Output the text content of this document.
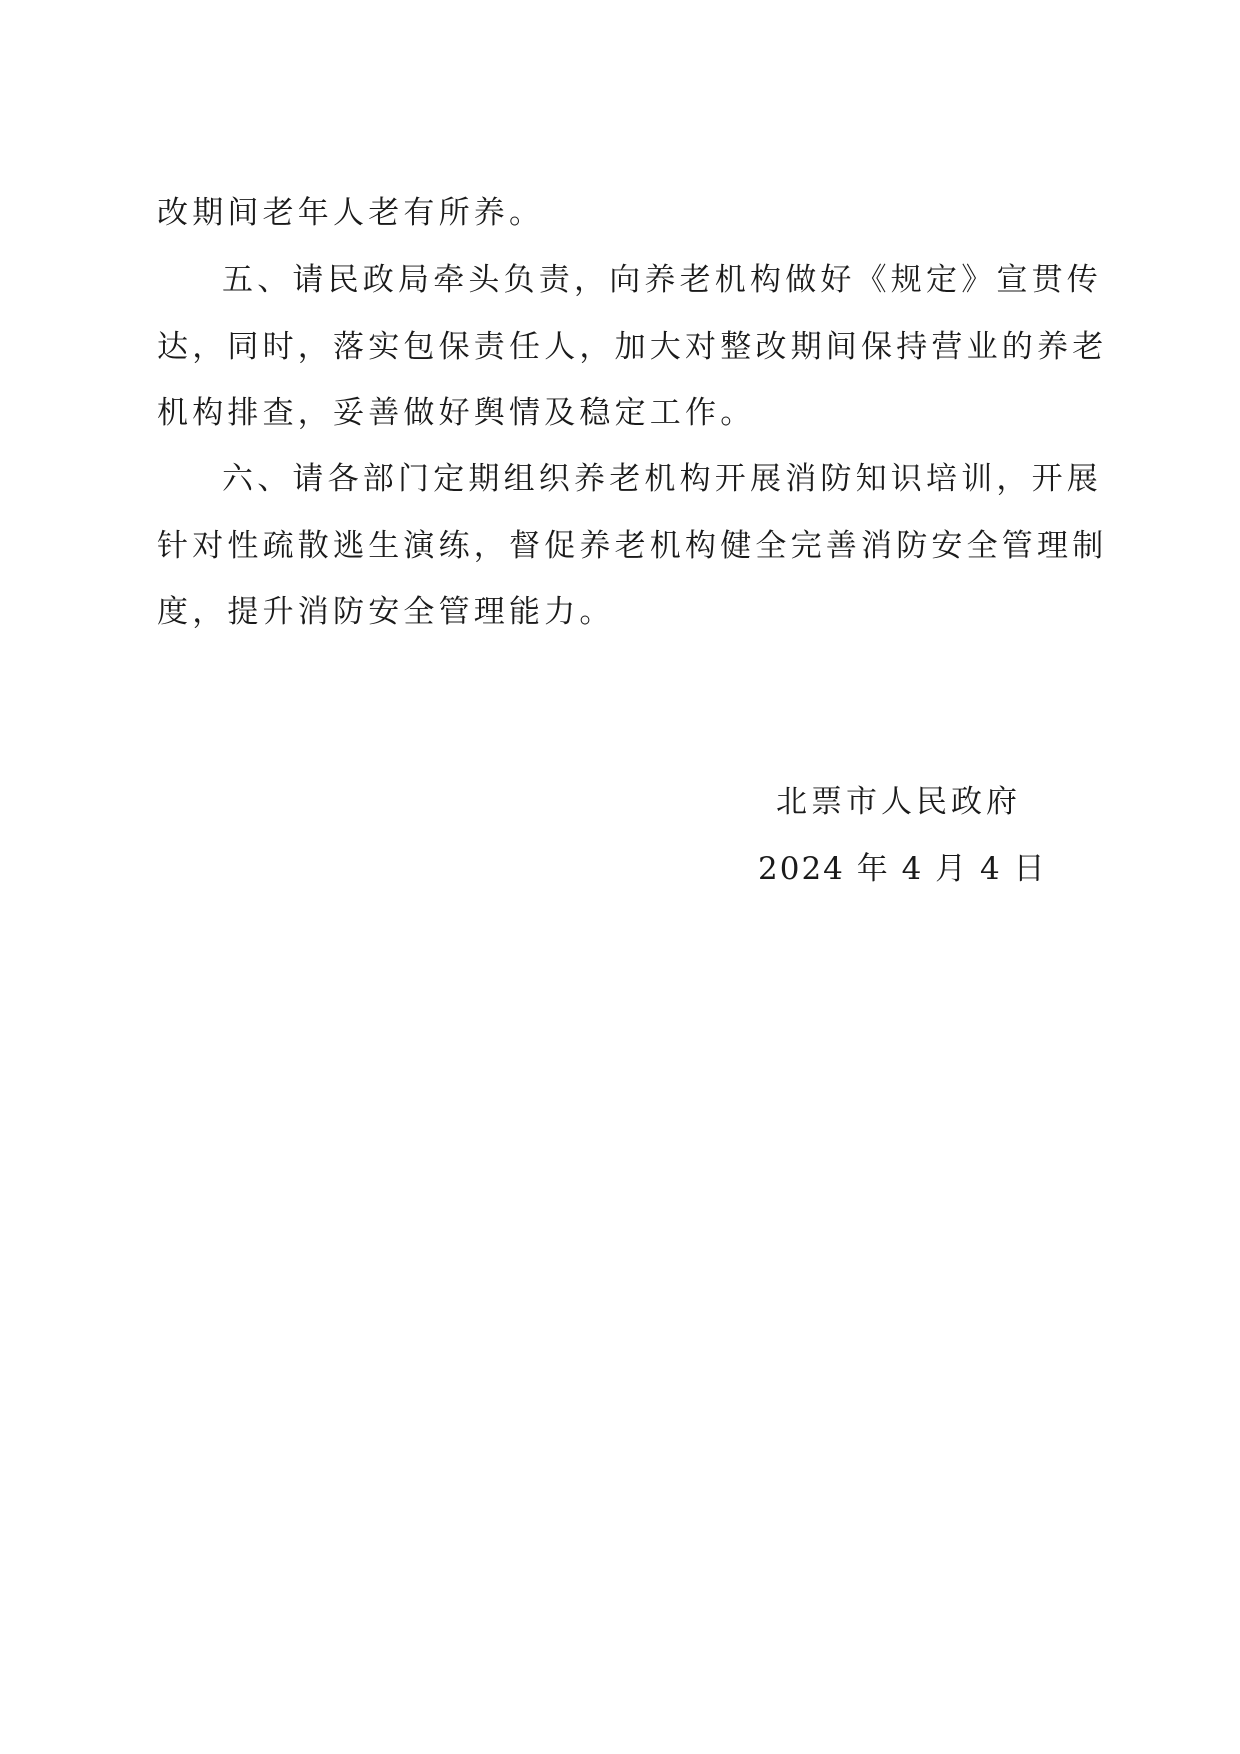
改期间老年人老有所养。
五、请民政局牵头负责，向养老机构做好《规定》宣贯传
达，同时，落实包保责任人，加大对整改期间保持营业的养老
机构排查，妥善做好舆情及稳定工作。
六、请各部门定期组织养老机构开展消防知识培训，开展
针对性疏散逃生演练，督促养老机构健全完善消防安全管理制
度，提升消防安全管理能力。
北票市人民政府
2024 年 4 月 4 日
